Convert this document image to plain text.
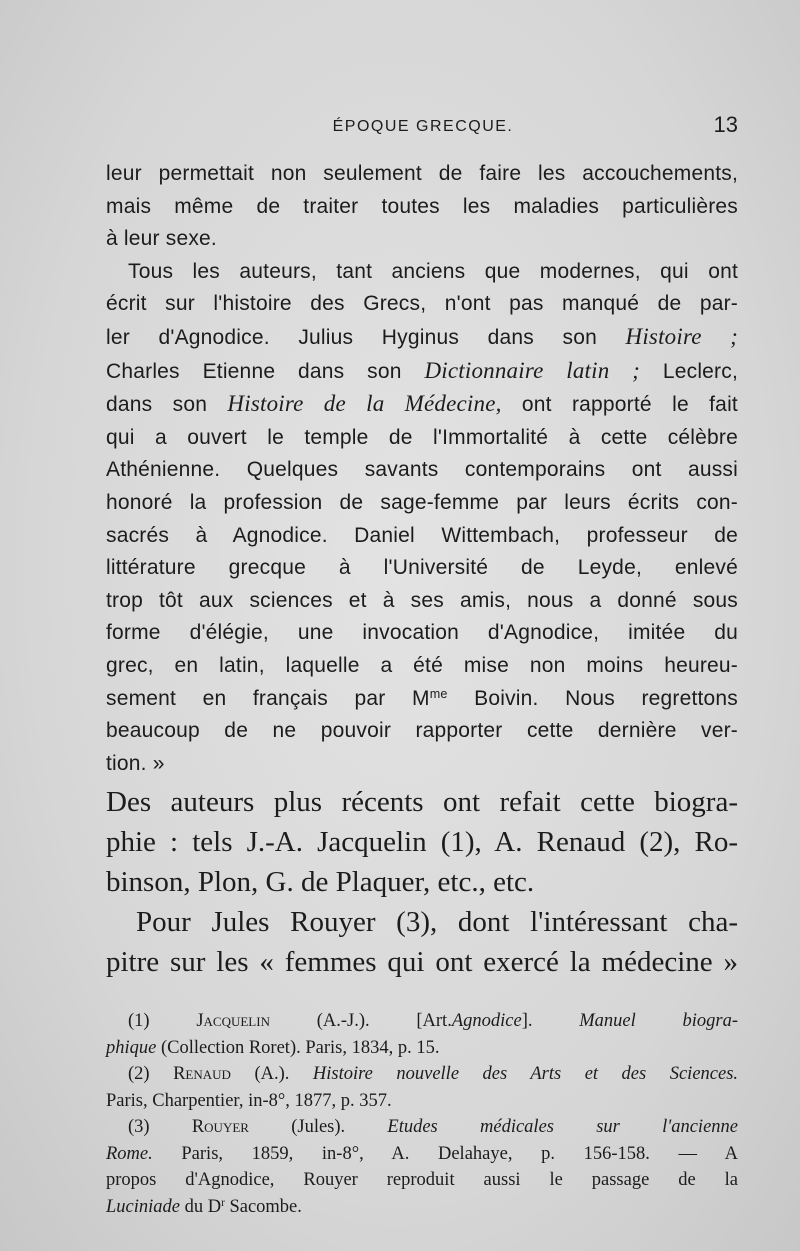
ÉPOQUE GRECQUE.	13
leur permettait non seulement de faire les accouchements,
mais même de traiter toutes les maladies particulières
à leur sexe.
Tous les auteurs, tant anciens que modernes, qui ont
écrit sur l'histoire des Grecs, n'ont pas manqué de par-
ler d'Agnodice. Julius Hyginus dans son Histoire ;
Charles Etienne dans son Dictionnaire latin ; Leclerc,
dans son Histoire de la Médecine, ont rapporté le fait
qui a ouvert le temple de l'Immortalité à cette célèbre
Athénienne. Quelques savants contemporains ont aussi
honoré la profession de sage-femme par leurs écrits con-
sacrés à Agnodice. Daniel Wittembach, professeur de
littérature grecque à l'Université de Leyde, enlevé
trop tôt aux sciences et à ses amis, nous a donné sous
forme d'élégie, une invocation d'Agnodice, imitée du
grec, en latin, laquelle a été mise non moins heureu-
sement en français par $M^{me}$ Boivin. Nous regrettons
beaucoup de ne pouvoir rapporter cette dernière ver-
tion. »
Des auteurs plus récents ont refait cette biogra-
phie : tels J.-A. Jacquelin (1), A. Renaud (2), Ro-
binson, Plon, G. de Plaquer, etc., etc.
Pour Jules Rouyer (3), dont l'intéressant cha-
pitre sur les « femmes qui ont exercé la médecine »
(1)	Jacquelin	(A.-J.). [Art.Agnodice].	Manuel biogra-
phique (Collection Roret). Paris, 1834, p. 15.
(2) Renaud (A.). Histoire nouvelle des Arts et des Sciences.
Paris, Charpentier, in-8°, 1877, p. 357.
(3) Rouyer (Jules). Etudes médicales sur l'ancienne
Rome. Paris, 1859, in-8°, A. Delahaye, p. 156-158. — A
propos d'Agnodice, Rouyer reproduit aussi le passage de la
Luciniade du $D^r$ Sacombe.
